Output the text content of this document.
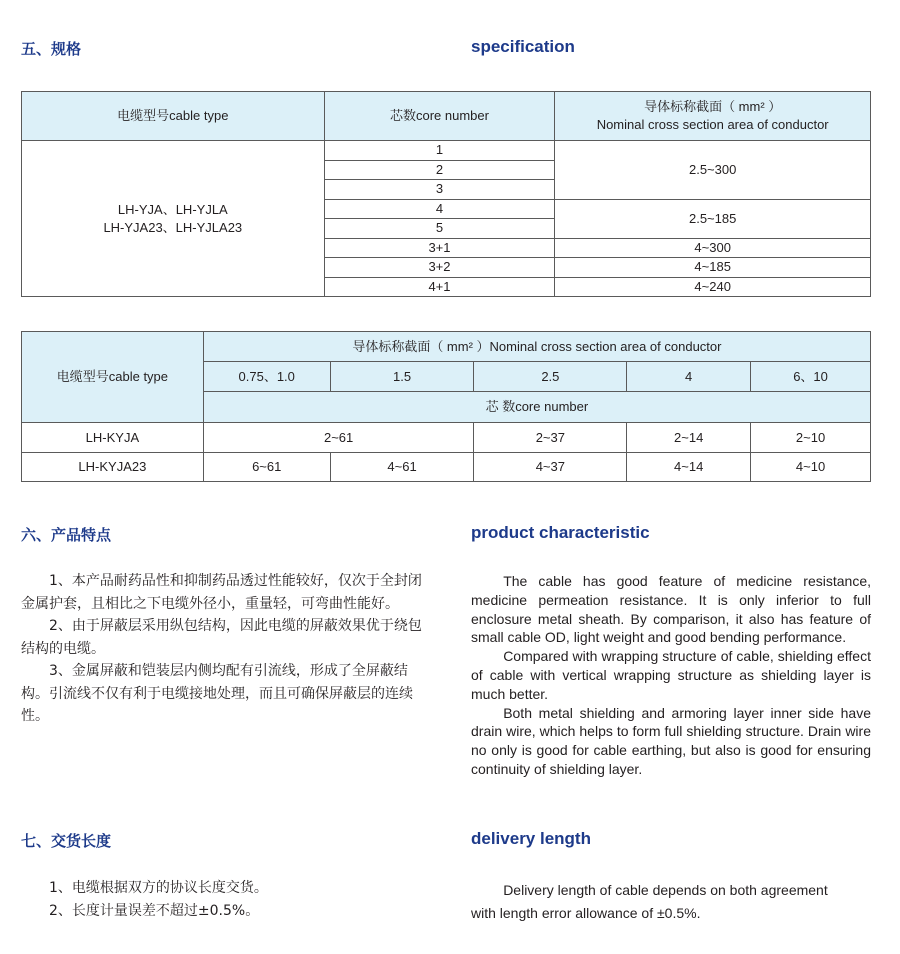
五、规格	specification
电缆型号cable type	芯数core number	导体标称截面（ mm² ）
Nominal cross section area of conductor
LH-YJA、LH-YJLA
LH-YJA23、LH-YJLA23	1	2.5~300
	2	
	3	
	4	2.5~185
	5	
	3+1	4~300
	3+2	4~185
	4+1	4~240
电缆型号cable type	导体标称截面（ mm² ）Nominal cross section area of conductor				
	0.75、1.0	1.5	2.5	4	6、10
	芯 数core number				
LH-KYJA	2~61		2~37	2~14	2~10
LH-KYJA23	6~61	4~61	4~37	4~14	4~10
六、产品特点	product characteristic

1、本产品耐药品性和抑制药品透过性能较好，仅次于全封闭金属护套，且相比之下电缆外径小，重量轻，可弯曲性能好。

2、由于屏蔽层采用纵包结构，因此电缆的屏蔽效果优于绕包结构的电缆。

3、金属屏蔽和铠装层内侧均配有引流线，形成了全屏蔽结构。引流线不仅有利于电缆接地处理，而且可确保屏蔽层的连续性。

The cable has good feature of medicine resistance, medicine permeation resistance. It is only inferior to full enclosure metal sheath. By comparison, it also has feature of small cable OD, light weight and good bending performance.

Compared with wrapping structure of cable, shielding effect of cable with vertical wrapping structure as shielding layer is much better.

Both metal shielding and armoring layer inner side have drain wire, which helps to form full shielding structure. Drain wire no only is good for cable earthing, but also is good for ensuring continuity of shielding layer.

七、交货长度	delivery length

1、电缆根据双方的协议长度交货。

2、长度计量误差不超过±0.5%。

Delivery length of cable depends on both agreement

with length error allowance of ±0.5%.
